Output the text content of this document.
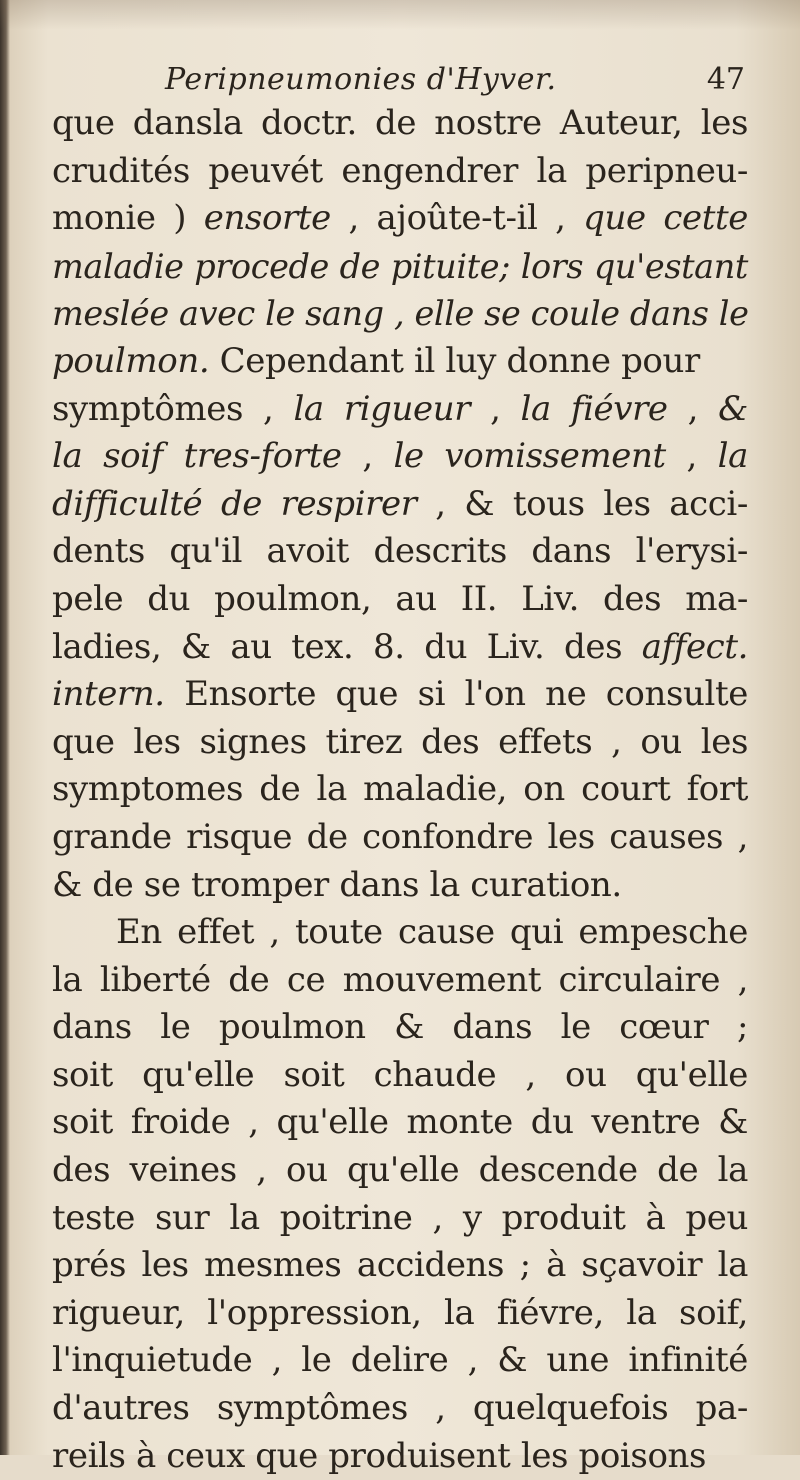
Peripneumonies d'Hyver.	47
que dansla doctr. de nostre Auteur, les
crudités peuvét engendrer la peripneu-
monie ) ensorte , ajoûte-t-il , que cette
maladie procede de pituite; lors qu'estant
meslée avec le sang , elle se coule dans le
poulmon. Cependant il luy donne pour
symptômes , la rigueur , la fiévre , &
la soif tres-forte , le vomissement , la
difficulté de respirer , & tous les acci-
dents qu'il avoit descrits dans l'erysi-
pele du poulmon, au II. Liv. des ma-
ladies, & au tex. 8. du Liv. des affect.
intern. Ensorte que si l'on ne consulte
que les signes tirez des effets , ou les
symptomes de la maladie, on court fort
grande risque de confondre les causes ,
& de se tromper dans la curation.
En effet , toute cause qui empesche
la liberté de ce mouvement circulaire ,
dans le poulmon & dans le cœur ;
soit qu'elle soit chaude , ou qu'elle
soit froide , qu'elle monte du ventre &
des veines , ou qu'elle descende de la
teste sur la poitrine , y produit à peu
prés les mesmes accidens ; à sçavoir la
rigueur, l'oppression, la fiévre, la soif,
l'inquietude , le delire , & une infinité
d'autres symptômes , quelquefois pa-
reils à ceux que produisent les poisons
